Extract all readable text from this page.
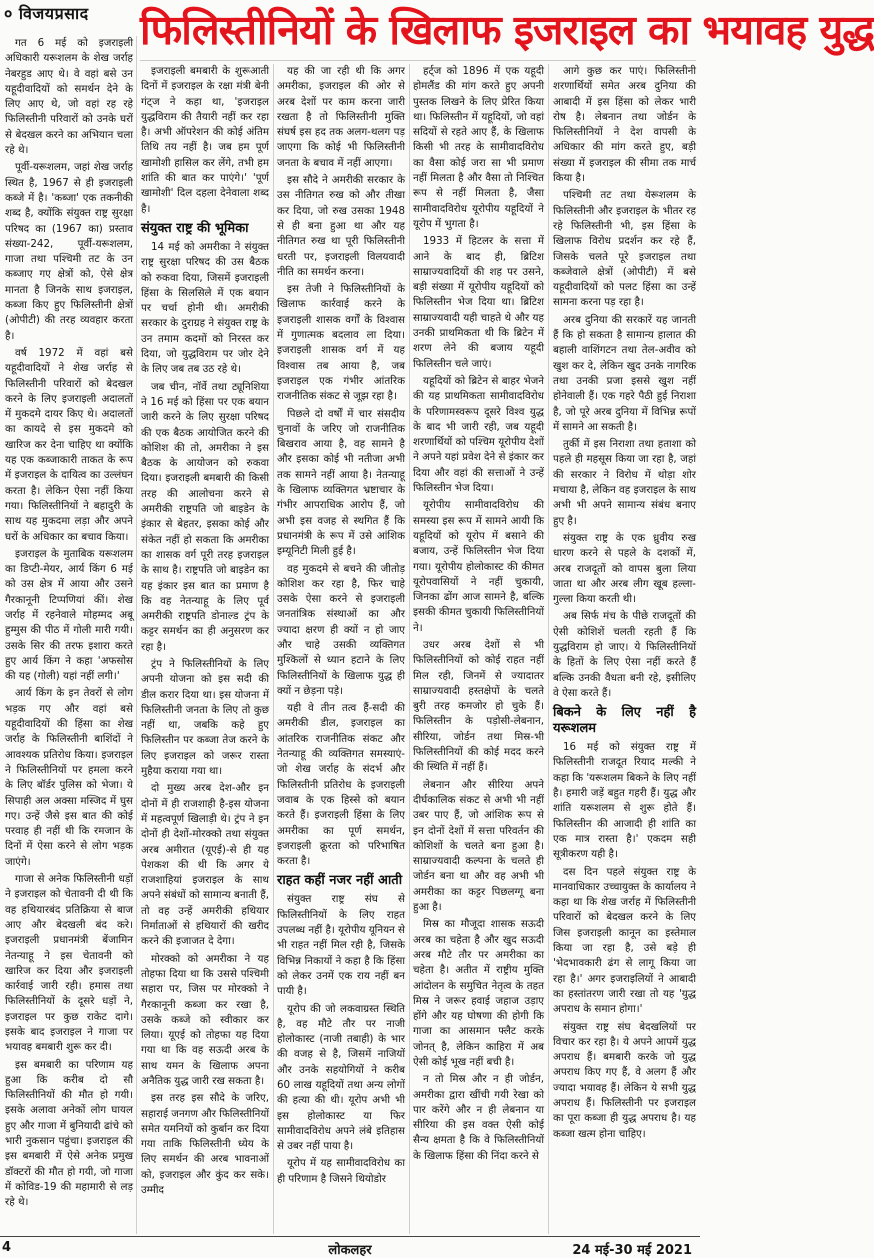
० विजयप्रसाद फिलिस्तीनियों के खिलाफ इजराइल का भयावह युद्ध

गत 6 मई को इजराइली अधिकारी यरूशलम के शेख जर्राह नेबरहुड आए थे। वे वहां बसे उन यहूदीवादियों को समर्थन देने के लिए आए थे, जो वहां रह रहे फिलिस्तीनी परिवारों को उनके घरों से बेदखल करने का अभियान चला रहे थे।

पूर्वी-यरूशलम, जहां शेख जर्राह स्थित है, 1967 से ही इजराइली कब्जे में है। 'कब्जा' एक तकनीकी शब्द है, क्योंकि संयुक्त राष्ट्र सुरक्षा परिषद का (1967 का) प्रस्ताव संख्या-242, पूर्वी-यरूशलम, गाजा तथा पश्चिमी तट के उन कब्जाए गए क्षेत्रों को, ऐसे क्षेत्र मानता है जिनके साथ इजराइल, कब्जा किए हुए फिलिस्तीनी क्षेत्रों (ओपीटी) की तरह व्यवहार करता है।

वर्ष 1972 में वहां बसे यहूदीवादियों ने शेख जर्राह से फिलिस्तीनी परिवारों को बेदखल करने के लिए इजराइली अदालतों में मुकदमे दायर किए थे। अदालतों का कायदे से इस मुकदमे को खारिज कर देना चाहिए था क्योंकि यह एक कब्जाकारी ताकत के रूप में इजराइल के दायित्व का उल्लंघन करता है। लेकिन ऐसा नहीं किया गया। फिलिस्तीनियों ने बहादुरी के साथ यह मुकदमा लड़ा और अपने घरों के अधिकार का बचाव किया।

इजराइल के मुताबिक यरूशलम का डिप्टी-मेयर, आर्य किंग 6 मई को उस क्षेत्र में आया और उसने गैरकानूनी टिप्पणियां कीं। शेख जर्राह में रहनेवाले मोहम्मद अबू हुम्मुस की पीठ में गोली मारी गयी। उसके सिर की तरफ इशारा करते हुए आर्य किंग ने कहा 'अफसोस की यह (गोली) यहां नहीं लगी।'

आर्य किंग के इन तेवरों से लोग भड़क गए और वहां बसे यहूदीवादियों की हिंसा का शेख जर्राह के फिलिस्तीनी बाशिंदों ने आवश्यक प्रतिरोध किया। इजराइल ने फिलिस्तीनियों पर हमला करने के लिए बॉर्डर पुलिस को भेजा। ये सिपाही अल अक्सा मस्जिद में घुस गए। उन्हें जैसे इस बात की कोई परवाह ही नहीं थी कि रमजान के दिनों में ऐसा करने से लोग भड़क जाएंगे।

गाजा से अनेक फिलिस्तीनी धड़ों ने इजराइल को चेतावनी दी थी कि वह हथियारबंद प्रतिक्रिया से बाज आए और बेदखली बंद करे। इजराइली प्रधानमंत्री बेंजामिन नेतन्याहू ने इस चेतावनी को खारिज कर दिया और इजराइली कार्रवाई जारी रही। हमास तथा फिलिस्तीनियों के दूसरे धड़ों ने, इजराइल पर कुछ राकेट दागे। इसके बाद इजराइल ने गाजा पर भयावह बमबारी शुरू कर दी।

इस बमबारी का परिणाम यह हुआ कि करीब दो सौ फिलिस्तीनियों की मौत हो गयी। इसके अलावा अनेकों लोग घायल हुए और गाजा में बुनियादी ढांचे को भारी नुकसान पहुंचा। इजराइल की इस बमबारी में ऐसे अनेक प्रमुख डॉक्टरों की मौत हो गयी, जो गाजा में कोविड-19 की महामारी से लड़ रहे थे।

इजराइली बमबारी के शुरूआती दिनों में इजराइल के रक्षा मंत्री बेनी गंट्ज ने कहा था, 'इजराइल युद्धविराम की तैयारी नहीं कर रहा है। अभी ऑपरेशन की कोई अंतिम तिथि तय नहीं है। जब हम पूर्ण खामोशी हासिल कर लेंगे, तभी हम शांति की बात कर पाएंगे।' 'पूर्ण खामोशी' दिल दहला देनेवाला शब्द है।

संयुक्त राष्ट्र की भूमिका

14 मई को अमरीका ने संयुक्त राष्ट्र सुरक्षा परिषद की उस बैठक को रुकवा दिया, जिसमें इजराइली हिंसा के सिलसिले में एक बयान पर चर्चा होनी थी। अमरीकी सरकार के दुराग्रह ने संयुक्त राष्ट्र के उन तमाम कदमों को निरस्त कर दिया, जो युद्धविराम पर जोर देने के लिए जब तब उठ रहे थे।

जब चीन, नॉर्वे तथा ट्यूनिशिया ने 16 मई को हिंसा पर एक बयान जारी करने के लिए सुरक्षा परिषद की एक बैठक आयोजित करने की कोशिश की तो, अमरीका ने इस बैठक के आयोजन को रुकवा दिया। इजराइली बमबारी की किसी तरह की आलोचना करने से अमरीकी राष्ट्रपति जो बाइडेन के इंकार से बेहतर, इसका कोई और संकेत नहीं हो सकता कि अमरीका का शासक वर्ग पूरी तरह इजराइल के साथ है। राष्ट्रपति जो बाइडेन का यह इंकार इस बात का प्रमाण है कि वह नेतन्याहू के लिए पूर्व अमरीकी राष्ट्रपति डोनाल्ड ट्रंप के कट्टर समर्थन का ही अनुसरण कर रहा है।

ट्रंप ने फिलिस्तीनियों के लिए अपनी योजना को इस सदी की डील करार दिया था। इस योजना में फिलिस्तीनी जनता के लिए तो कुछ नहीं था, जबकि कहे हुए फिलिस्तीन पर कब्जा तेज करने के लिए इजराइल को जरूर रास्ता मुहैया कराया गया था।

दो मुख्य अरब देश-और इन दोनों में ही राजशाही है-इस योजना में महत्वपूर्ण खिलाड़ी थे। ट्रंप ने इन दोनों ही देशों-मोरक्को तथा संयुक्त अरब अमीरात (यूएई)-से ही यह पेशकश की थी कि अगर ये राजशाहियां इजराइल के साथ अपने संबंधों को सामान्य बनाती हैं, तो वह उन्हें अमरीकी हथियार निर्माताओं से हथियारों की खरीद करने की इजाजत दे देगा।

मोरक्को को अमरीका ने यह तोहफा दिया था कि उससे पश्चिमी सहारा पर, जिस पर मोरक्को ने गैरकानूनी कब्जा कर रखा है, उसके कब्जे को स्वीकार कर लिया। यूएई को तोहफा यह दिया गया था कि वह सऊदी अरब के साथ यमन के खिलाफ अपना अनैतिक युद्ध जारी रख सकता है।

इस तरह इस सौदे के जरिए, सहाराई जनगण और फिलिस्तीनियों समेत यमनियों को कुर्बान कर दिया गया ताकि फिलिस्तीनी ध्येय के लिए समर्थन की अरब भावनाओं को, इजराइल और कुंद कर सके। उम्मीद

यह की जा रही थी कि अगर अमरीका, इजराइल की ओर से अरब देशों पर काम करना जारी रखता है तो फिलिस्तीनी मुक्ति संघर्ष इस हद तक अलग-थलग पड़ जाएगा कि कोई भी फिलिस्तीनी जनता के बचाव में नहीं आएगा।

इस सौदे ने अमरीकी सरकार के उस नीतिगत रुख को और तीखा कर दिया, जो रुख उसका 1948 से ही बना हुआ था और यह नीतिगत रुख था पूरी फिलिस्तीनी धरती पर, इजराइली विलयवादी नीति का समर्थन करना।

इस तेजी ने फिलिस्तीनियों के खिलाफ कार्रवाई करने के इजराइली शासक वर्गों के विश्वास में गुणात्मक बदलाव ला दिया। इजराइली शासक वर्ग में यह विश्वास तब आया है, जब इजराइल एक गंभीर आंतरिक राजनीतिक संकट से जूझ रहा है।

पिछले दो वर्षों में चार संसदीय चुनावों के जरिए जो राजनीतिक बिखराव आया है, वह सामने है और इसका कोई भी नतीजा अभी तक सामने नहीं आया है। नेतन्याहू के खिलाफ व्यक्तिगत भ्रष्टाचार के गंभीर आपराधिक आरोप हैं, जो अभी इस वजह से स्थगित हैं कि प्रधानमंत्री के रूप में उसे आंशिक इम्यूनिटी मिली हुई है।

वह मुकदमे से बचने की जीतोड़ कोशिश कर रहा है, फिर चाहे उसके ऐसा करने से इजराइली जनतांत्रिक संस्थाओं का और ज्यादा क्षरण ही क्यों न हो जाए और चाहे उसकी व्यक्तिगत मुश्किलों से ध्यान हटाने के लिए फिलिस्तीनियों के खिलाफ युद्ध ही क्यों न छेड़ना पड़े।

यही वे तीन तत्व हैं-सदी की अमरीकी डील, इजराइल का आंतरिक राजनीतिक संकट और नेतन्याहू की व्यक्तिगत समस्याएं-जो शेख जर्राह के संदर्भ और फिलिस्तीनी प्रतिरोध के इजराइली जवाब के एक हिस्से को बयान करते हैं। इजराइली हिंसा के लिए अमरीका का पूर्ण समर्थन, इजराइली क्रूरता को परिभाषित करता है।

राहत कहीं नजर नहीं आती

संयुक्त राष्ट्र संघ से फिलिस्तीनियों के लिए राहत उपलब्ध नहीं है। यूरोपीय यूनियन से भी राहत नहीं मिल रही है, जिसके विभिन्न निकायों ने कहा है कि हिंसा को लेकर उनमें एक राय नहीं बन पायी है।

यूरोप की जो लकवाग्रस्त स्थिति है, वह मौटे तौर पर नाजी होलोकास्ट (नाजी तबाही) के भार की वजह से है, जिसमें नाजियों और उनके सहयोगियों ने करीब 60 लाख यहूदियों तथा अन्य लोगों की हत्या की थी। यूरोप अभी भी इस होलोकास्ट या फिर सामीवादविरोध अपने लंबे इतिहास से उबर नहीं पाया है।

यूरोप में यह सामीवादविरोध का ही परिणाम है जिसने थियोडोर

हर्ट्ज को 1896 में एक यहूदी होमलैंड की मांग करते हुए अपनी पुस्तक लिखने के लिए प्रेरित किया था। फिलिस्तीन में यहूदियों, जो वहां सदियों से रहते आए हैं, के खिलाफ किसी भी तरह के सामीवादविरोध का वैसा कोई जरा सा भी प्रमाण नहीं मिलता है और वैसा तो निश्चित रूप से नहीं मिलता है, जैसा सामीवादविरोध यूरोपीय यहूदियों ने यूरोप में भुगता है।

1933 में हिटलर के सत्ता में आने के बाद ही, ब्रिटिश साम्राज्यवादियों की शह पर उसने, बड़ी संख्या में यूरोपीय यहूदियों को फिलिस्तीन भेज दिया था। ब्रिटिश साम्राज्यवादी यही चाहते थे और यह उनकी प्राथमिकता थी कि ब्रिटेन में शरण लेने की बजाय यहूदी फिलिस्तीन चले जाएं।

यहूदियों को ब्रिटेन से बाहर भेजने की यह प्राथमिकता सामीवादविरोध के परिणामस्वरूप दूसरे विश्व युद्ध के बाद भी जारी रही, जब यहूदी शरणार्थियों को पश्चिम यूरोपीय देशों ने अपने यहां प्रवेश देने से इंकार कर दिया और वहां की सत्ताओं ने उन्हें फिलिस्तीन भेज दिया।

यूरोपीय सामीवादविरोध की समस्या इस रूप में सामने आयी कि यहूदियों को यूरोप में बसाने की बजाय, उन्हें फिलिस्तीन भेज दिया गया। यूरोपीय होलोकास्ट की कीमत यूरोपवासियों ने नहीं चुकायी, जिनका ढोंग आज सामने है, बल्कि इसकी कीमत चुकायी फिलिस्तीनियों ने।

उधर अरब देशों से भी फिलिस्तीनियों को कोई राहत नहीं मिल रही, जिनमें से ज्यादातर साम्राज्यवादी हस्तक्षेपों के चलते बुरी तरह कमजोर हो चुके हैं। फिलिस्तीन के पड़ोसी-लेबनान, सीरिया, जोर्डन तथा मिस्र-भी फिलिस्तीनियों की कोई मदद करने की स्थिति में नहीं हैं।

लेबनान और सीरिया अपने दीर्घकालिक संकट से अभी भी नहीं उबर पाए हैं, जो आंशिक रूप से इन दोनों देशों में सत्ता परिवर्तन की कोशिशों के चलते बना हुआ है। साम्राज्यवादी कल्पना के चलते ही जोर्डन बना था और वह अभी भी अमरीका का कट्टर पिछलग्गू बना हुआ है।

मिस्र का मौजूदा शासक सऊदी अरब का चहेता है और खुद सऊदी अरब मौटे तौर पर अमरीका का चहेता है। अतीत में राष्ट्रीय मुक्ति आंदोलन के समुचित नेतृत्व के तहत मिस्र ने जरूर हवाई जहाज उड़ाए होंगे और यह घोषणा की होगी कि गाजा का आसमान फ्लैट करके जोनत् है, लेकिन काहिरा में अब ऐसी कोई भूख नहीं बची है।

न तो मिस्र और न ही जोर्डन, अमरीका द्वारा खींची गयी रेखा को पार करेंगे और न ही लेबनान या सीरिया की इस वक्त ऐसी कोई सैन्य क्षमता है कि वे फिलिस्तीनियों के खिलाफ हिंसा की निंदा करने से

आगे कुछ कर पाएं। फिलिस्तीनी शरणार्थियों समेत अरब दुनिया की आबादी में इस हिंसा को लेकर भारी रोष है। लेबनान तथा जोर्डन के फिलिस्तीनियों ने देश वापसी के अधिकार की मांग करते हुए, बड़ी संख्या में इजराइल की सीमा तक मार्च किया है।

पश्चिमी तट तथा येरूशलम के फिलिस्तीनी और इजराइल के भीतर रह रहे फिलिस्तीनी भी, इस हिंसा के खिलाफ विरोध प्रदर्शन कर रहे हैं, जिसके चलते पूरे इजराइल तथा कब्जेवाले क्षेत्रों (ओपीटी) में बसे यहूदीवादियों को पलट हिंसा का उन्हें सामना करना पड़ रहा है।

अरब दुनिया की सरकारें यह जानती हैं कि हो सकता है सामान्य हालात की बहाली वाशिंगटन तथा तेल-अवीव को खुश कर दे, लेकिन खुद उनके नागरिक तथा उनकी प्रजा इससे खुश नहीं होनेवाली हैं। एक गहरे पैठी हुई निराशा है, जो पूरे अरब दुनिया में विभिन्न रूपों में सामने आ सकती है।

तुर्की में इस निराशा तथा हताशा को पहले ही महसूस किया जा रहा है, जहां की सरकार ने विरोध में थोड़ा शोर मचाया है, लेकिन वह इजराइल के साथ अभी भी अपने सामान्य संबंध बनाए हुए है।

संयुक्त राष्ट्र के एक ध्रुवीय रुख धारण करने से पहले के दशकों में, अरब राजदूतों को वापस बुला लिया जाता था और अरब लीग खूब हल्ला-गुल्ला किया करती थी।

अब सिर्फ मंच के पीछे राजदूतों की ऐसी कोशिशें चलती रहती हैं कि युद्धविराम हो जाए। ये फिलिस्तीनियों के हितों के लिए ऐसा नहीं करते हैं बल्कि उनकी वैधता बनी रहे, इसीलिए वे ऐसा करते हैं।

बिकने के लिए नहीं है यरूशलम

16 मई को संयुक्त राष्ट्र में फिलिस्तीनी राजदूत रियाद मल्की ने कहा कि 'यरूशलम बिकने के लिए नहीं है। हमारी जड़ें बहुत गहरी हैं। युद्ध और शांति यरूशलम से शुरू होते हैं। फिलिस्तीन की आजादी ही शांति का एक मात्र रास्ता है।' एकदम सही सूत्रीकरण यही है।

दस दिन पहले संयुक्त राष्ट्र के मानवाधिकार उच्चायुक्त के कार्यालय ने कहा था कि शेख जर्राह में फिलिस्तीनी परिवारों को बेदखल करने के लिए जिस इजराइली कानून का इस्तेमाल किया जा रहा है, उसे बड़े ही 'भेदभावकारी ढंग से लागू किया जा रहा है।' अगर इजराइलियों ने आबादी का हस्तांतरण जारी रखा तो यह 'युद्ध अपराध के समान होगा।'

संयुक्त राष्ट्र संघ बेदखलियों पर विचार कर रहा है। ये अपने आपमें युद्ध अपराध हैं। बमबारी करके जो युद्ध अपराध किए गए हैं, वे अलग हैं और ज्यादा भयावह हैं। लेकिन ये सभी युद्ध अपराध हैं। फिलिस्तीनी पर इजराइल का पूरा कब्जा ही युद्ध अपराध है। यह कब्जा खत्म होना चाहिए।

4	लोकलहर	24 मई-30 मई 2021
